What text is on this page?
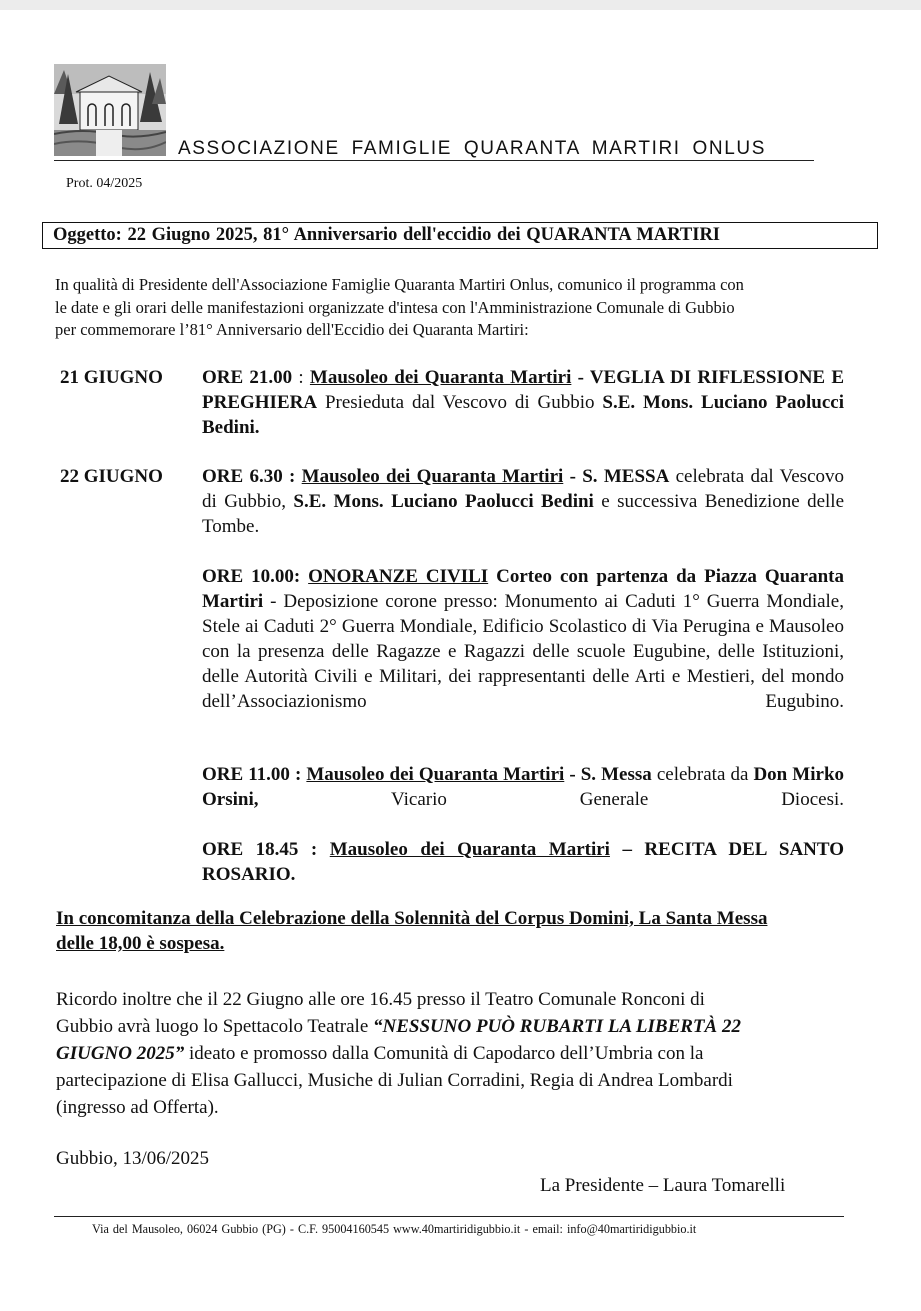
ASSOCIAZIONE FAMIGLIE QUARANTA MARTIRI ONLUS
Prot. 04/2025
Oggetto: 22 Giugno 2025, 81° Anniversario dell'eccidio dei QUARANTA MARTIRI

In qualità di Presidente dell'Associazione Famiglie Quaranta Martiri Onlus, comunico il programma con

le date e gli orari delle manifestazioni organizzate d'intesa con l'Amministrazione Comunale di Gubbio

per commemorare l’81° Anniversario dell'Eccidio dei Quaranta Martiri:

21 GIUGNO ORE 21.00 : Mausoleo dei Quaranta Martiri - VEGLIA DI RIFLESSIONE E PREGHIERA Presieduta dal Vescovo di Gubbio S.E. Mons. Luciano Paolucci Bedini.

22 GIUGNO ORE 6.30 : Mausoleo dei Quaranta Martiri - S. MESSA celebrata dal Vescovo di Gubbio, S.E. Mons. Luciano Paolucci Bedini e successiva Benedizione delle Tombe.

ORE 10.00: ONORANZE CIVILI Corteo con partenza da Piazza Quaranta Martiri - Deposizione corone presso: Monumento ai Caduti 1° Guerra Mondiale, Stele ai Caduti 2° Guerra Mondiale, Edificio Scolastico di Via Perugina e Mausoleo con la presenza delle Ragazze e Ragazzi delle scuole Eugubine, delle Istituzioni, delle Autorità Civili e Militari, dei rappresentanti delle Arti e Mestieri, del mondo dell’Associazionismo Eugubino.

ORE 11.00 : Mausoleo dei Quaranta Martiri - S. Messa celebrata da Don Mirko Orsini, Vicario Generale Diocesi.

ORE 18.45 : Mausoleo dei Quaranta Martiri – RECITA DEL SANTO ROSARIO.

In concomitanza della Celebrazione della Solennità del Corpus Domini, La Santa Messa

delle 18,00 è sospesa.

Ricordo inoltre che il 22 Giugno alle ore 16.45 presso il Teatro Comunale Ronconi di

Gubbio avrà luogo lo Spettacolo Teatrale “NESSUNO PUÒ RUBARTI LA LIBERTÀ 22

GIUGNO 2025” ideato e promosso dalla Comunità di Capodarco dell’Umbria con la

partecipazione di Elisa Gallucci, Musiche di Julian Corradini, Regia di Andrea Lombardi

(ingresso ad Offerta).

Gubbio, 13/06/2025
La Presidente – Laura Tomarelli
Via del Mausoleo, 06024 Gubbio (PG) - C.F. 95004160545 www.40martiridigubbio.it - email: info@40martiridigubbio.it
